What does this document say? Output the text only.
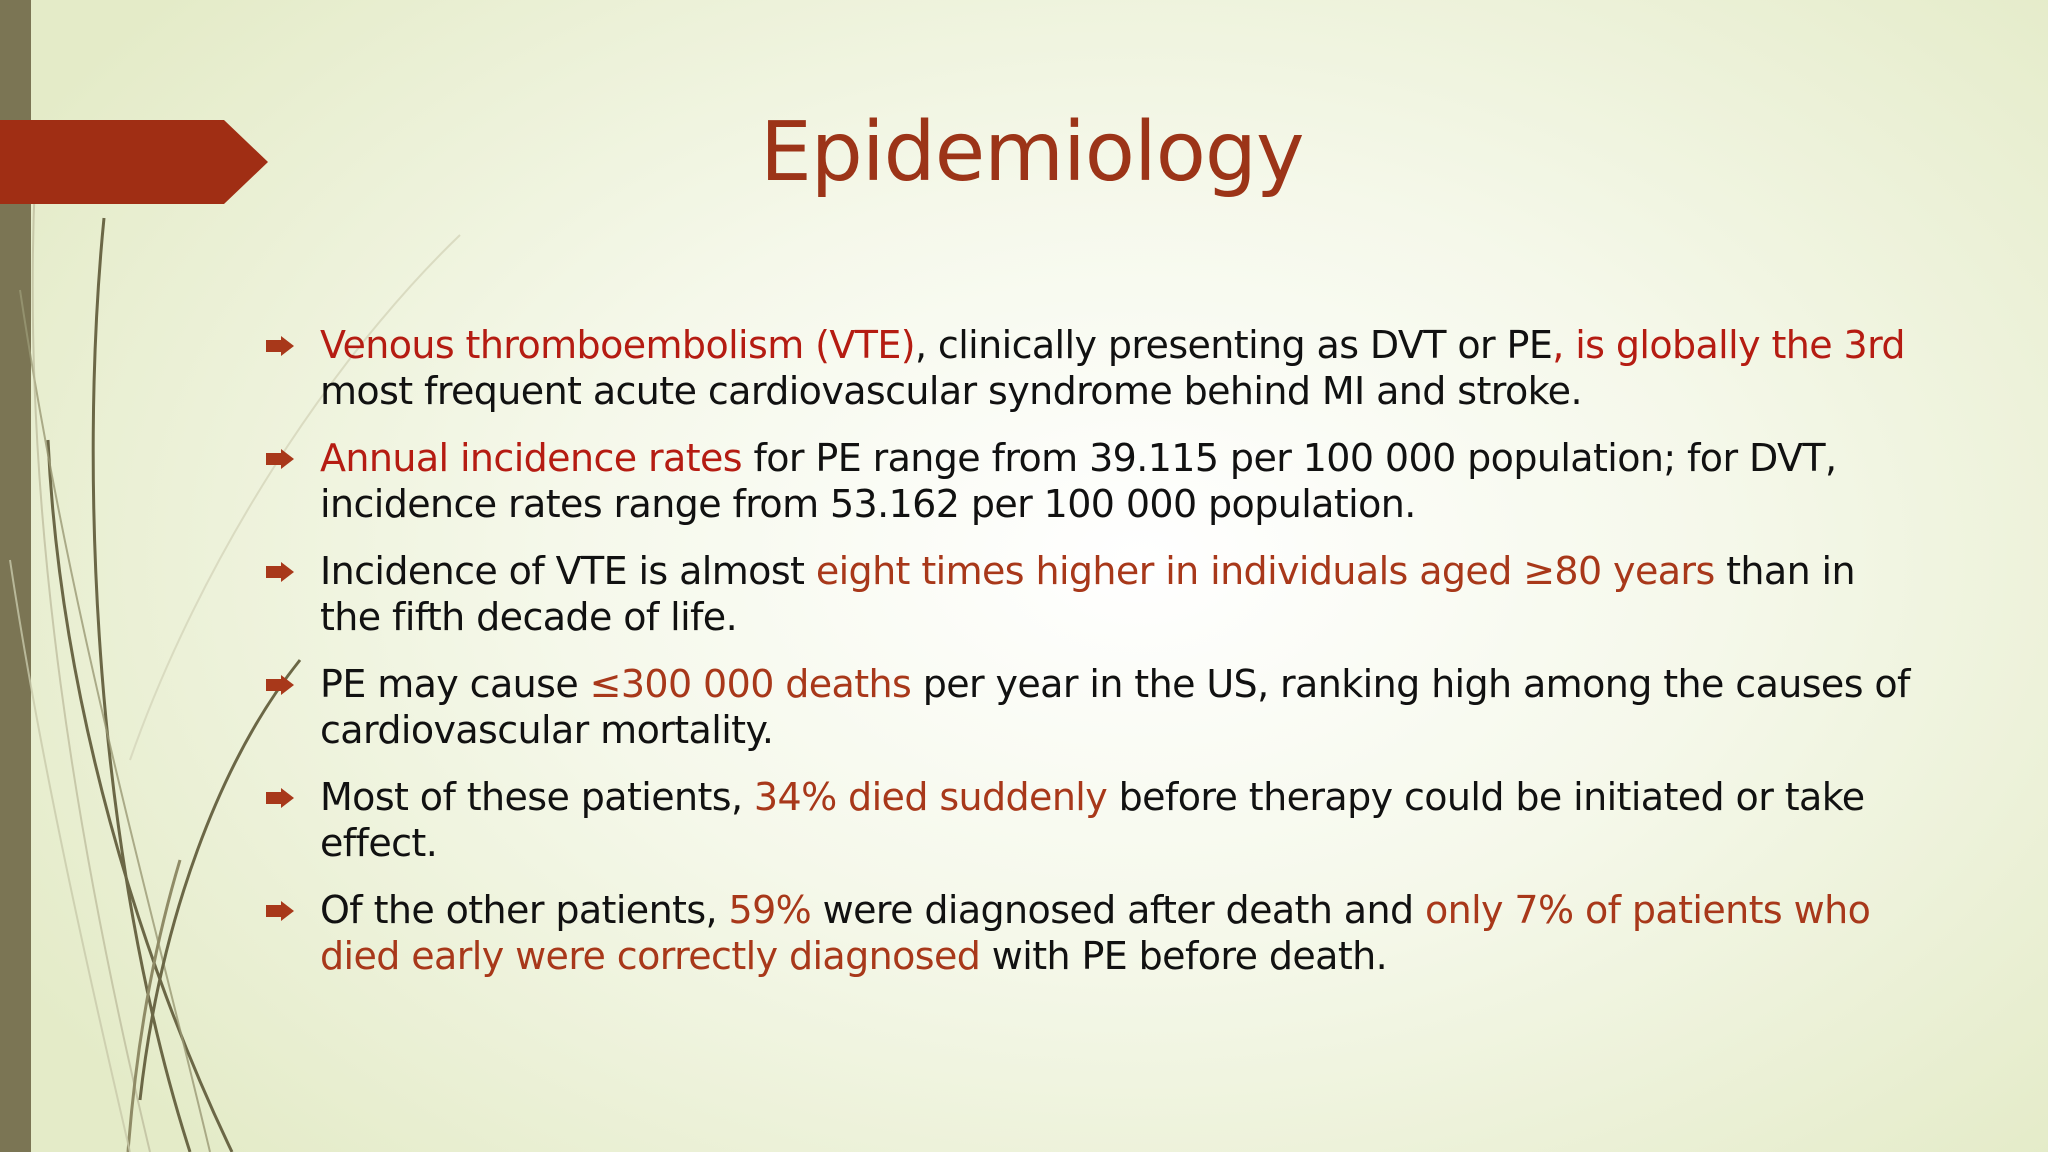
Epidemiology
Venous thromboembolism (VTE), clinically presenting as DVT or PE, is globally the 3rd most frequent acute cardiovascular syndrome behind MI and stroke.
Annual incidence rates for PE range from 39.115 per 100 000 population; for DVT, incidence rates range from 53.162 per 100 000 population.
Incidence of VTE is almost eight times higher in individuals aged ≥80 years than in the fifth decade of life.
PE may cause ≤300 000 deaths per year in the US, ranking high among the causes of cardiovascular mortality.
Most of these patients, 34% died suddenly before therapy could be initiated or take effect.
Of the other patients, 59% were diagnosed after death and only 7% of patients who died early were correctly diagnosed with PE before death.
